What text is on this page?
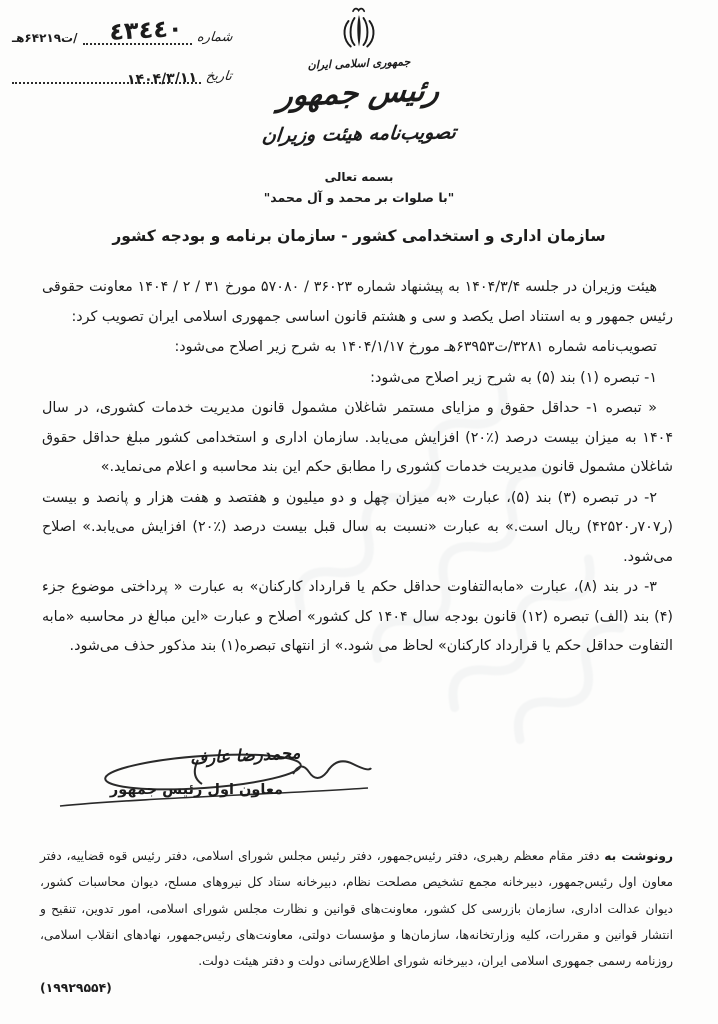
شماره
٤٣٤٤٠
/ت۶۴۲۱۹هـ
تاریخ
۱۴۰۴/۳/۱۱
جمهوری اسلامی ایران
رئیس جمهور
تصویب‌نامه هیئت وزیران
بسمه تعالی
"با صلوات بر محمد و آل محمد"
سازمان اداری و استخدامی کشور - سازمان برنامه و بودجه کشور

هیئت وزیران در جلسه ۱۴۰۴/۳/۴ به پیشنهاد شماره ۳۶۰۲۳ / ۵۷۰۸۰ مورخ ۳۱ / ۲ / ۱۴۰۴ معاونت حقوقی رئیس جمهور و به استناد اصل یکصد و سی و هشتم قانون اساسی جمهوری اسلامی ایران تصویب کرد:

تصویب‌نامه شماره ۳۲۸۱/ت۶۳۹۵۳هـ مورخ ۱۴۰۴/۱/۱۷ به شرح زیر اصلاح می‌شود:

۱- تبصره (۱) بند (۵) به شرح زیر اصلاح می‌شود:

« تبصره ۱- حداقل حقوق و مزایای مستمر شاغلان مشمول قانون مدیریت خدمات کشوری، در سال ۱۴۰۴ به میزان بیست درصد (٪۲۰) افزایش می‌یابد. سازمان اداری و استخدامی کشور مبلغ حداقل حقوق شاغلان مشمول قانون مدیریت خدمات کشوری را مطابق حکم این بند محاسبه و اعلام می‌نماید.»

۲- در تبصره (۳) بند (۵)، عبارت «به میزان چهل و دو میلیون و هفتصد و هفت هزار و پانصد و بیست (⁦۴۲ر۷۰۷ر۵۲۰⁩) ریال است.» به عبارت «نسبت به سال قبل بیست درصد (٪۲۰) افزایش می‌یابد.» اصلاح می‌شود.

۳- در بند (۸)، عبارت «مابه‌التفاوت حداقل حکم یا قرارداد کارکنان» به عبارت « پرداختی موضوع جزء (۴) بند (الف) تبصره (۱۲) قانون بودجه سال ۱۴۰۴ کل کشور» اصلاح و عبارت «این مبالغ در محاسبه «مابه التفاوت حداقل حکم یا قرارداد کارکنان» لحاظ می شود.» از انتهای تبصره(۱) بند مذکور حذف می‌شود.

محمدرضا عارف
معاون اول رئیس جمهور

رونوشت به دفتر مقام معظم رهبری، دفتر رئیس‌جمهور، دفتر رئیس مجلس شورای اسلامی، دفتر رئیس قوه قضاییه، دفتر معاون اول رئیس‌جمهور، دبیرخانه مجمع تشخیص مصلحت نظام، دبیرخانه ستاد کل نیروهای مسلح، دیوان محاسبات کشور، دیوان عدالت اداری، سازمان بازرسی کل کشور، معاونت‌های قوانین و نظارت مجلس شورای اسلامی، امور تدوین، تنقیح و انتشار قوانین و مقررات، کلیه وزارتخانه‌ها، سازمان‌ها و مؤسسات دولتی، معاونت‌های رئیس‌جمهور، نهادهای انقلاب اسلامی، روزنامه رسمی جمهوری اسلامی ایران، دبیرخانه شورای اطلاع‌رسانی دولت و دفتر هیئت دولت.

(۱۹۹۲۹۵۵۴)
